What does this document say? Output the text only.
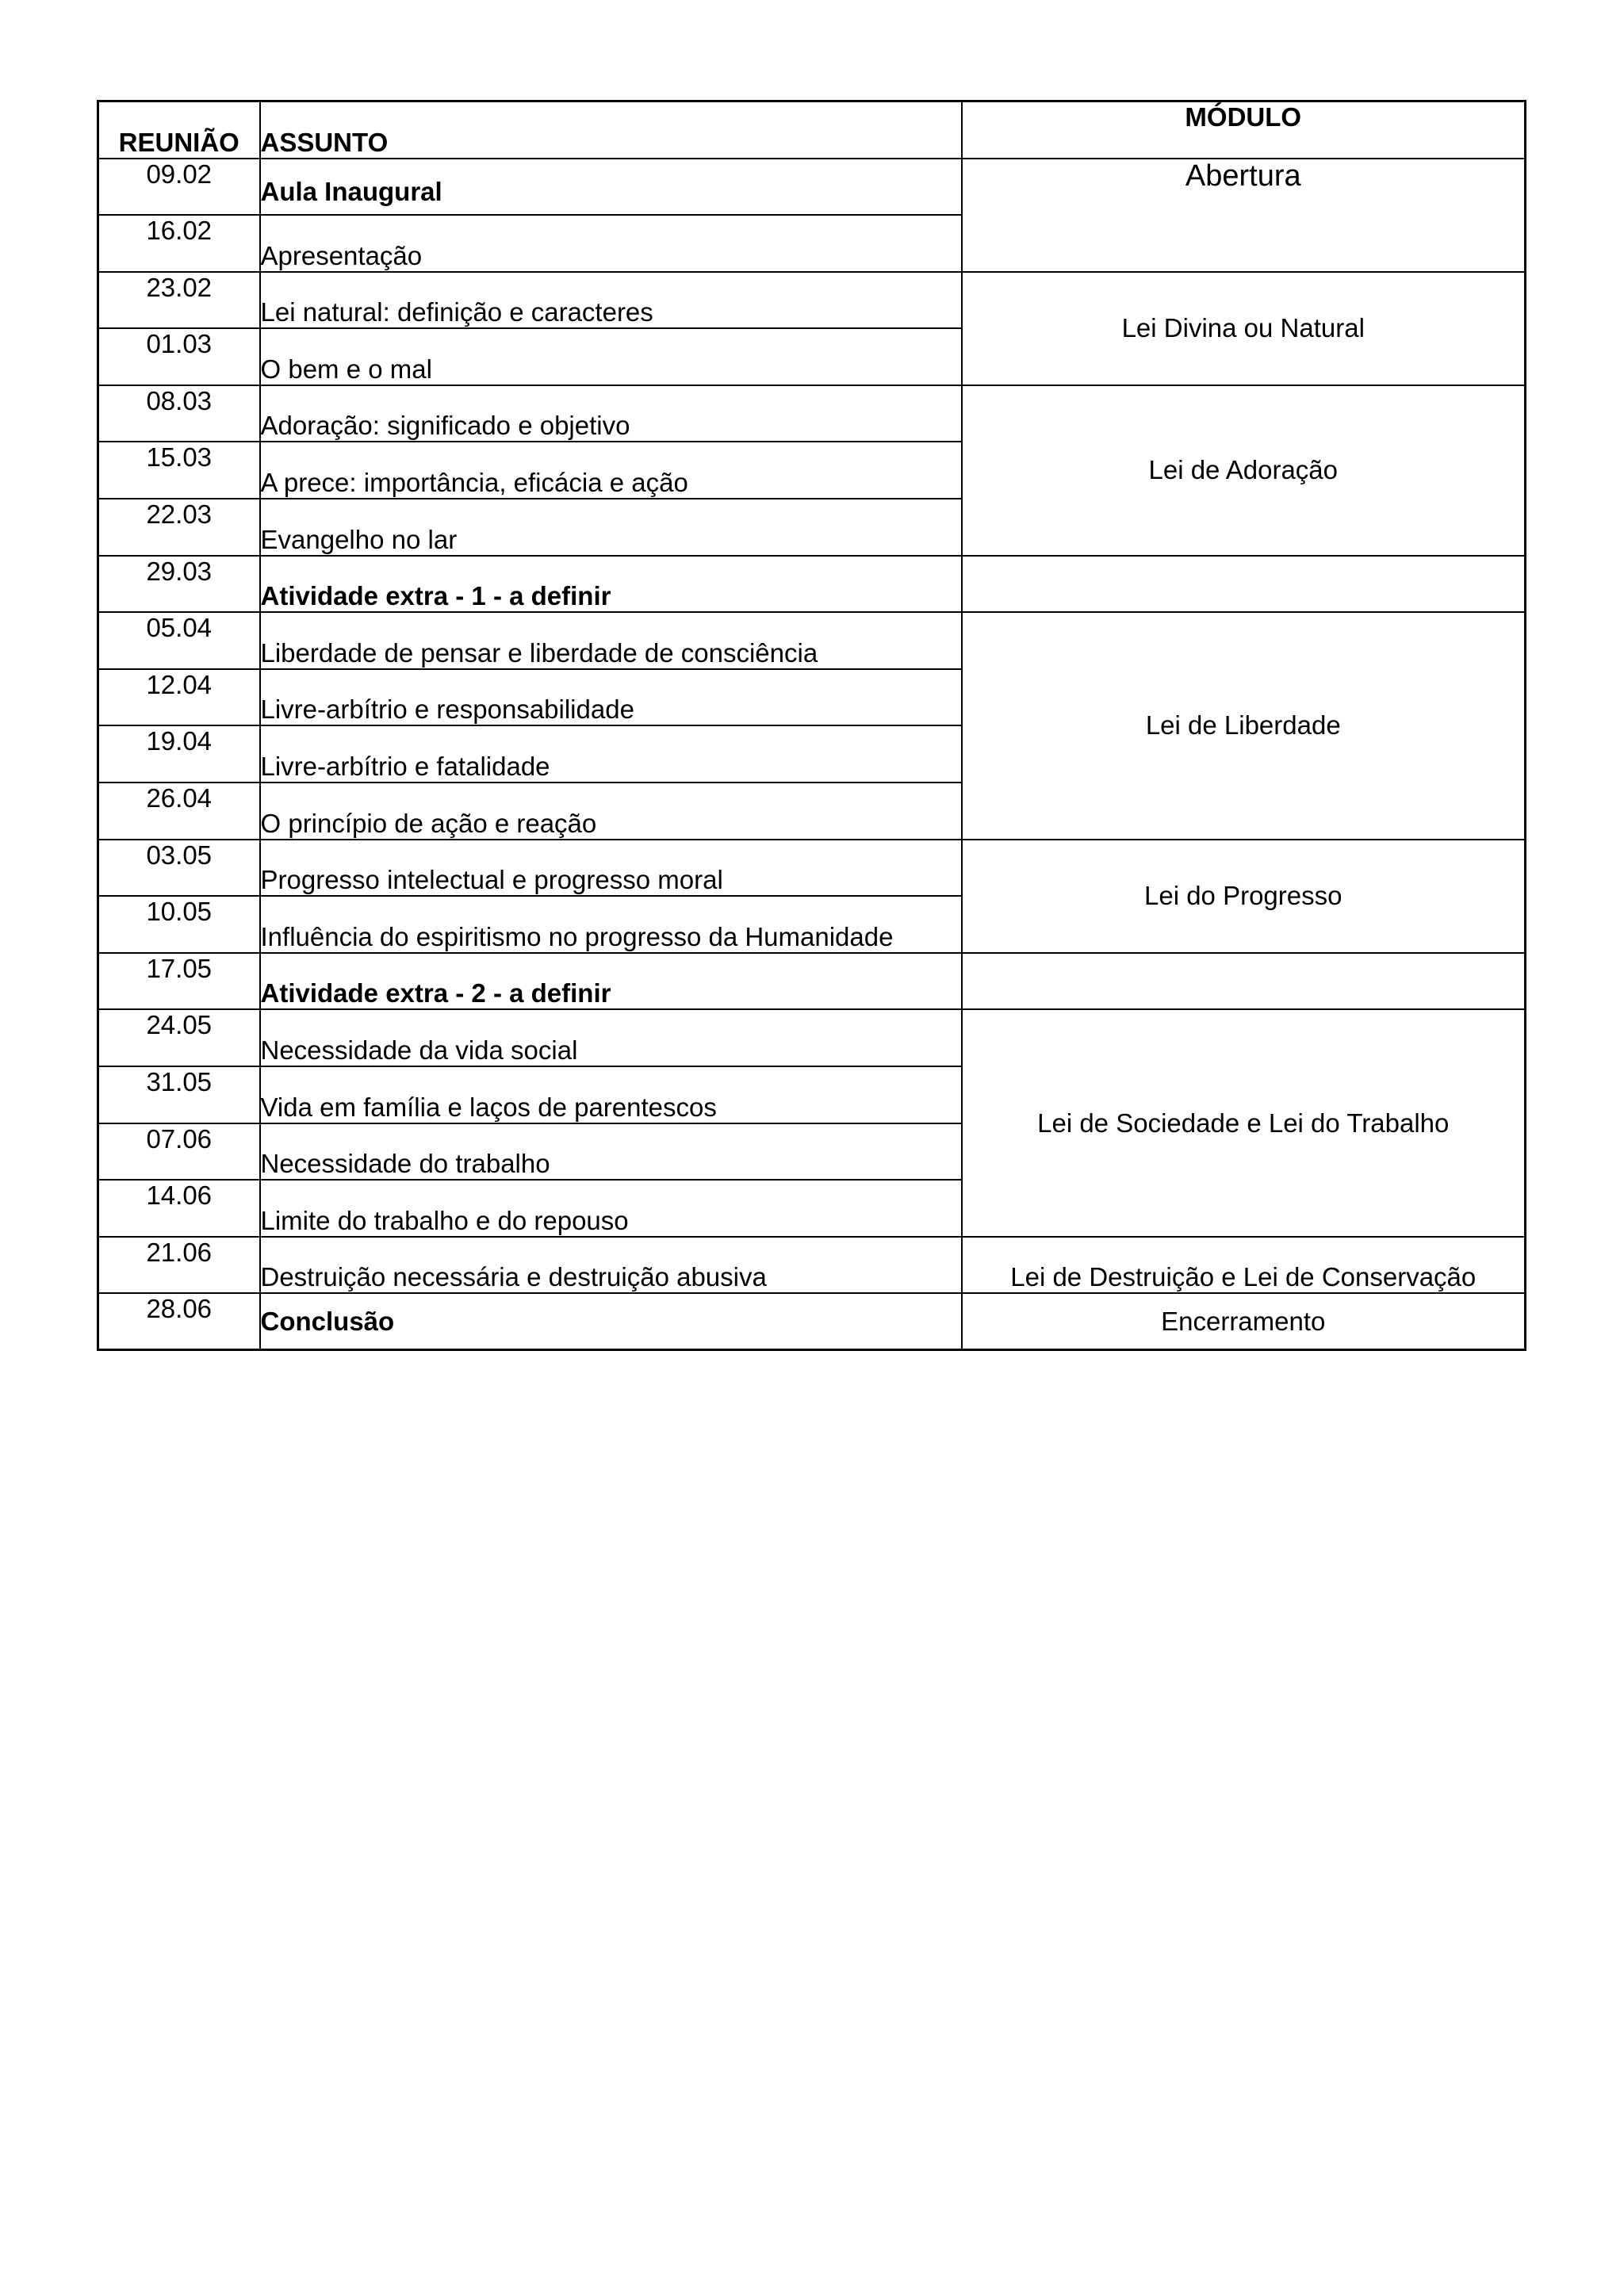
REUNIÃO	ASSUNTO	MÓDULO
09.02	Aula Inaugural	Abertura
16.02	Apresentação	
23.02	Lei natural: definição e caracteres	Lei Divina ou Natural
01.03	O bem e o mal	
08.03	Adoração: significado e objetivo	Lei de Adoração
15.03	A prece: importância, eficácia e ação	
22.03	Evangelho no lar	
29.03	Atividade extra - 1 - a definir	
05.04	Liberdade de pensar e liberdade de consciência	Lei de Liberdade
12.04	Livre-arbítrio e responsabilidade	
19.04	Livre-arbítrio e fatalidade	
26.04	O princípio de ação e reação	
03.05	Progresso intelectual e progresso moral	Lei do Progresso
10.05	Influência do espiritismo no progresso da Humanidade	
17.05	Atividade extra - 2 - a definir	
24.05	Necessidade da vida social	Lei de Sociedade e Lei do Trabalho
31.05	Vida em família e laços de parentescos	
07.06	Necessidade do trabalho	
14.06	Limite do trabalho e do repouso	
21.06	Destruição necessária e destruição abusiva	Lei de Destruição e Lei de Conservação
28.06	Conclusão	Encerramento
